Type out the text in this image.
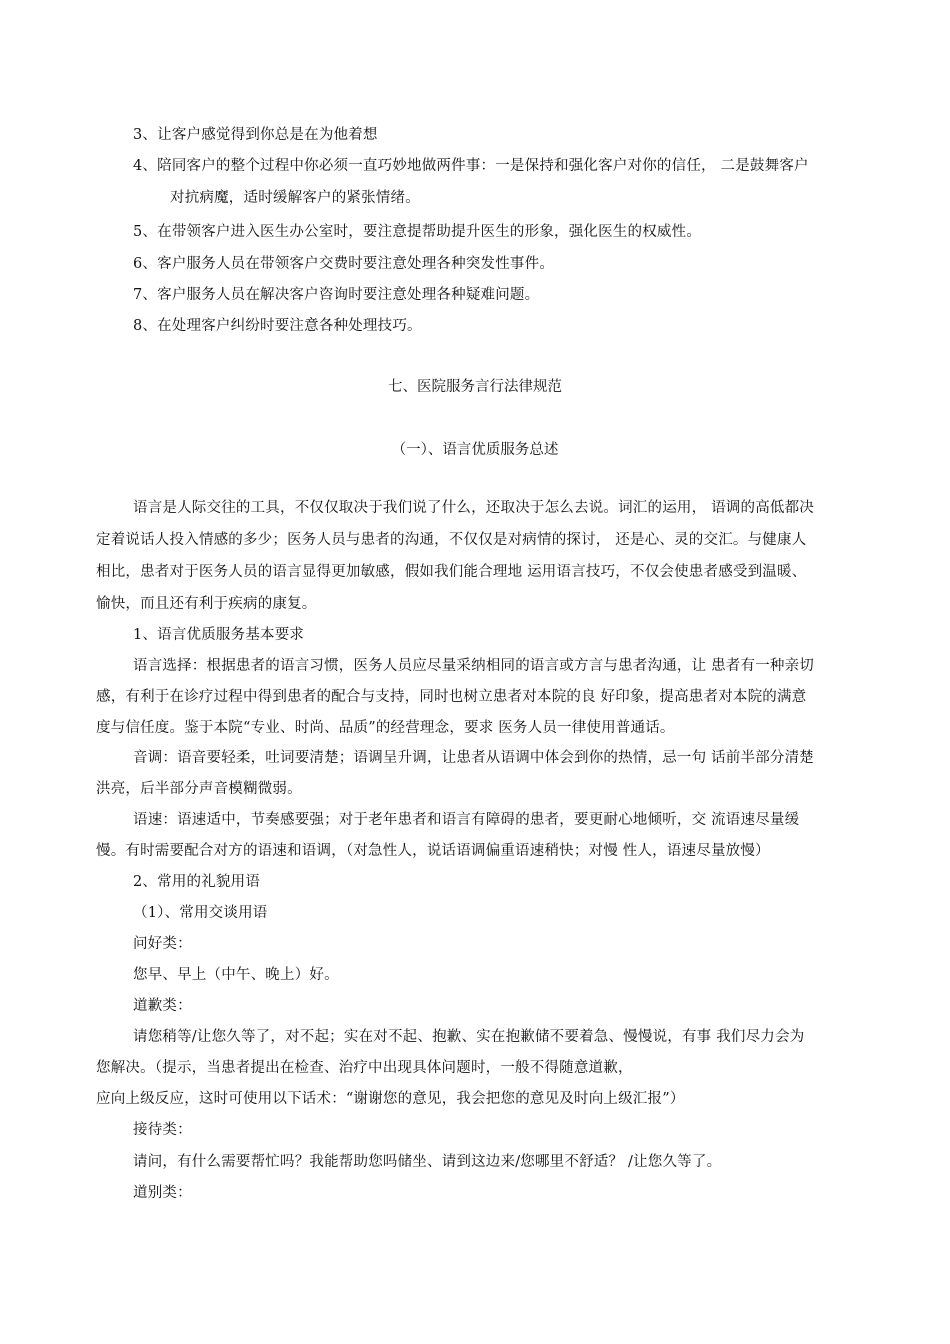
3、让客户感觉得到你总是在为他着想
4、陪同客户的整个过程中你必须一直巧妙地做两件事：一是保持和强化客户对你的信任， 二是鼓舞客户
对抗病魔，适时缓解客户的紧张情绪。
5、在带领客户进入医生办公室时，要注意提帮助提升医生的形象，强化医生的权威性。
6、客户服务人员在带领客户交费时要注意处理各种突发性事件。
7、客户服务人员在解决客户咨询时要注意处理各种疑难问题。
8、在处理客户纠纷时要注意各种处理技巧。
七、医院服务言行法律规范
（一）、语言优质服务总述
语言是人际交往的工具，不仅仅取决于我们说了什么，还取决于怎么去说。词汇的运用， 语调的高低都决
定着说话人投入情感的多少；医务人员与患者的沟通，不仅仅是对病情的探讨， 还是心、灵的交汇。与健康人
相比，患者对于医务人员的语言显得更加敏感，假如我们能合理地 运用语言技巧，不仅会使患者感受到温暖、
愉快，而且还有利于疾病的康复。
1、语言优质服务基本要求
语言选择：根据患者的语言习惯，医务人员应尽量采纳相同的语言或方言与患者沟通，让 患者有一种亲切
感，有利于在诊疗过程中得到患者的配合与支持，同时也树立患者对本院的良 好印象，提高患者对本院的满意
度与信任度。鉴于本院“专业、时尚、品质”的经营理念，要求 医务人员一律使用普通话。
音调：语音要轻柔，吐词要清楚；语调呈升调，让患者从语调中体会到你的热情，忌一句 话前半部分清楚
洪亮，后半部分声音模糊微弱。
语速：语速适中，节奏感要强；对于老年患者和语言有障碍的患者，要更耐心地倾听，交 流语速尽量缓
慢。有时需要配合对方的语速和语调，（对急性人，说话语调偏重语速稍快；对慢 性人，语速尽量放慢）
2、常用的礼貌用语
（1）、常用交谈用语
问好类：
您早、早上（中午、晚上）好。
道歉类：
请您稍等/让您久等了，对不起；实在对不起、抱歉、实在抱歉储不要着急、慢慢说，有事 我们尽力会为
您解决。（提示，当患者提出在检查、治疗中出现具体问题时，一般不得随意道歉，
应向上级反应，这时可使用以下话术：“谢谢您的意见，我会把您的意见及时向上级汇报”）
接待类：
请问，有什么需要帮忙吗？我能帮助您吗储坐、请到这边来/您哪里不舒适？ /让您久等了。
道别类：
